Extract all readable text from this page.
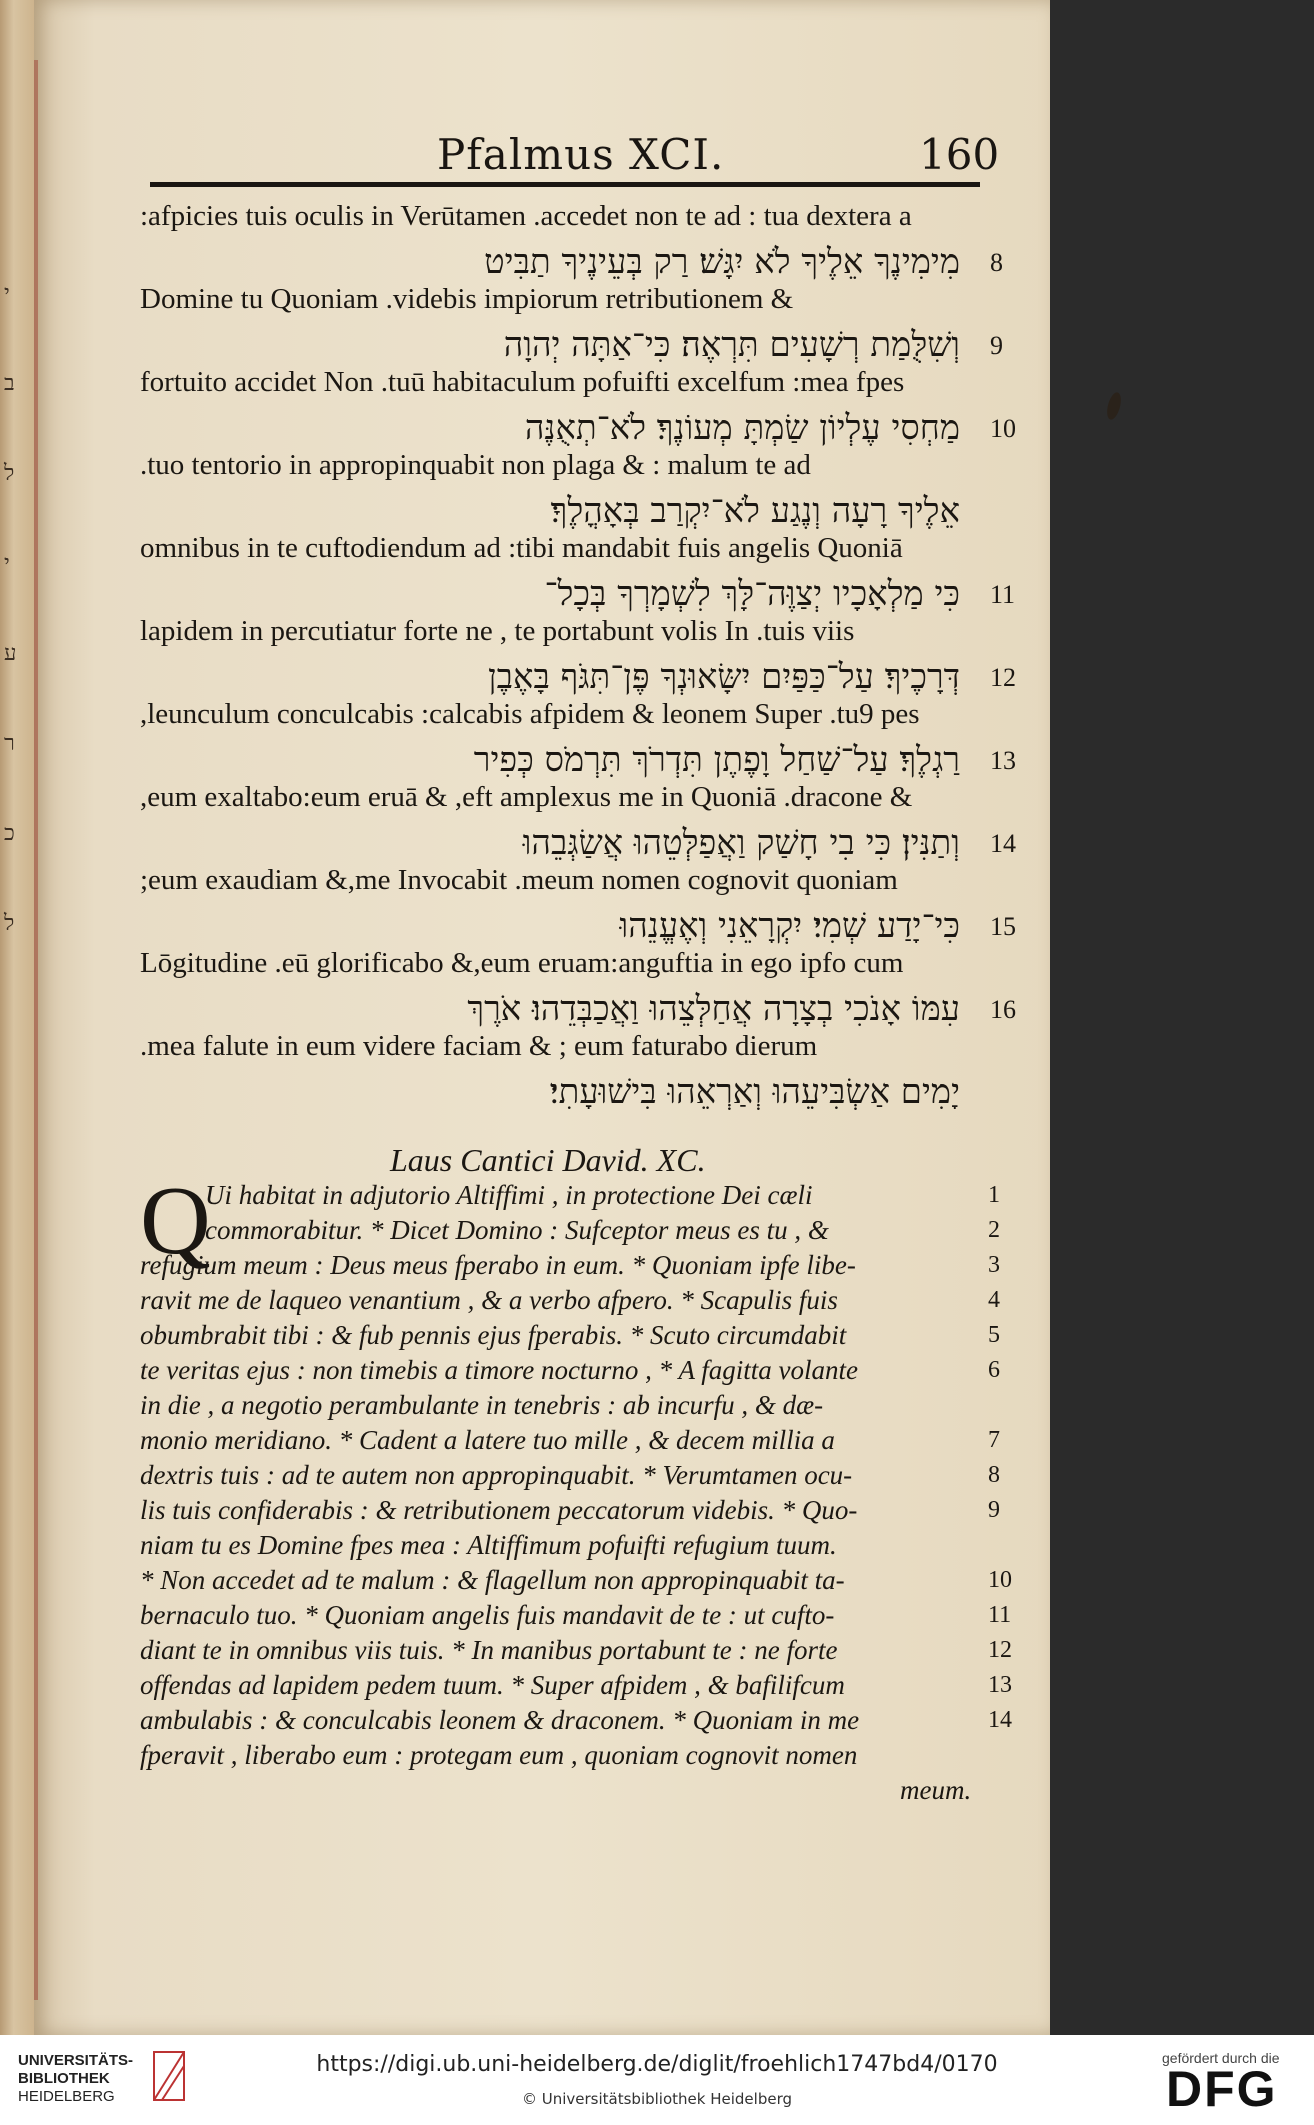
י
ב
ל
י
ע
ר
כ
ל
Pfalmus XCI.	160
:afpicies tuis oculis in Verūtamen .accedet non te ad : tua dextera a
מִימִינֶךָ אֵלֶיךָ לֹא יִגָּשׁ׃ רַק בְּעֵינֶיךָ תַבִּיט 8
Domine tu Quoniam .videbis impiorum retributionem &
וְשִׁלֻּמַת רְשָׁעִים תִּרְאֶה׃ כִּי־אַתָּה יְהוָה 9
fortuito accidet Non .tuū habitaculum pofuifti excelfum :mea fpes
מַחְסִי עֶלְיוֹן שַׂמְתָּ מְעוֹנֶךָ׃ לֹא־תְאֻנֶּה 10
.tuo tentorio in appropinquabit non plaga & : malum te ad
אֵלֶיךָ רָעָה וְנֶגַע לֹא־יִקְרַב בְּאָהֳלֶךָ׃
omnibus in te cuftodiendum ad :tibi mandabit fuis angelis Quoniā
כִּי מַלְאָכָיו יְצַוֶּה־לָּךְ לִשְׁמָרְךָ בְּכָל־ 11
lapidem in percutiatur forte ne , te portabunt volis In .tuis viis
דְּרָכֶיךָ׃ עַל־כַּפַּיִם יִשָּׂאוּנְךָ פֶּן־תִּגֹּף בָּאֶבֶן 12
,leunculum conculcabis :calcabis afpidem & leonem Super .tu9 pes
רַגְלֶךָ׃ עַל־שַׁחַל וָפֶתֶן תִּדְרֹךְ תִּרְמֹס כְּפִיר 13
,eum exaltabo:eum eruā & ,eft amplexus me in Quoniā .dracone &
וְתַנִּין׃ כִּי בִי חָשַׁק וַאֲפַלְּטֵהוּ אֲשַׂגְּבֵהוּ 14
;eum exaudiam &,me Invocabit .meum nomen cognovit quoniam
כִּי־יָדַע שְׁמִי׃ יִקְרָאֵנִי וְאֶעֱנֵהוּ 15
Lōgitudine .eū glorificabo &,eum eruam:anguftia in ego ipfo cum
עִמּוֹ אָנֹכִי בְצָרָה אֲחַלְּצֵהוּ וַאֲכַבְּדֵהוּ׃ אֹרֶךְ 16
.mea falute in eum videre faciam & ; eum faturabo dierum
יָמִים אַשְׂבִּיעֵהוּ וְאַרְאֵהוּ בִּישׁוּעָתִי׃
Laus Cantici David. XC.
Q
Ui habitat in adjutorio Altiffimi , in protectione Dei cæli	1
commorabitur. * Dicet Domino : Sufceptor meus es tu , &	2
refugium meum : Deus meus fperabo in eum. * Quoniam ipfe libe-	3
ravit me de laqueo venantium , & a verbo afpero. * Scapulis fuis	4
obumbrabit tibi : & fub pennis ejus fperabis. * Scuto circumdabit	5
te veritas ejus : non timebis a timore nocturno , * A fagitta volante	6
in die , a negotio perambulante in tenebris : ab incurfu , & dæ-
monio meridiano. * Cadent a latere tuo mille , & decem millia a	7
dextris tuis : ad te autem non appropinquabit. * Verumtamen ocu-	8
lis tuis confiderabis : & retributionem peccatorum videbis. * Quo-	9
niam tu es Domine fpes mea : Altiffimum pofuifti refugium tuum.
* Non accedet ad te malum : & flagellum non appropinquabit ta-	10
bernaculo tuo. * Quoniam angelis fuis mandavit de te : ut cufto-	11
diant te in omnibus viis tuis. * In manibus portabunt te : ne forte	12
offendas ad lapidem pedem tuum. * Super afpidem , & bafilifcum	13
ambulabis : & conculcabis leonem & draconem. * Quoniam in me	14
fperavit , liberabo eum : protegam eum , quoniam cognovit nomen
meum.
UNIVERSITÄTS-
BIBLIOTHEK
HEIDELBERG
https://digi.ub.uni-heidelberg.de/diglit/froehlich1747bd4/0170
© Universitätsbibliothek Heidelberg
gefördert durch die
DFG
